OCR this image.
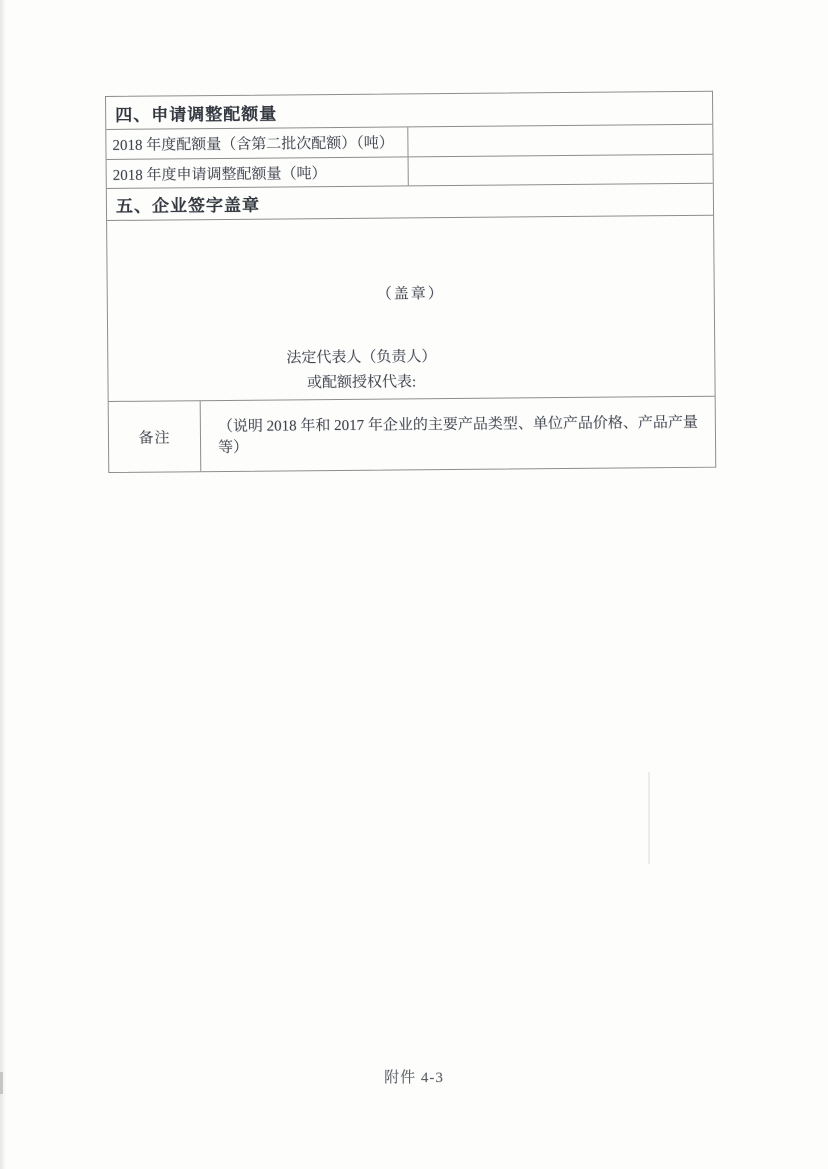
四、申请调整配额量
2018 年度配额量（含第二批次配额）（吨）
2018 年度申请调整配额量（吨）
五、企业签字盖章
（盖章）
法定代表人（负责人）
或配额授权代表:
备注
（说明 2018 年和 2017 年企业的主要产品类型、单位产品价格、产品产量等）
附件 4-3
